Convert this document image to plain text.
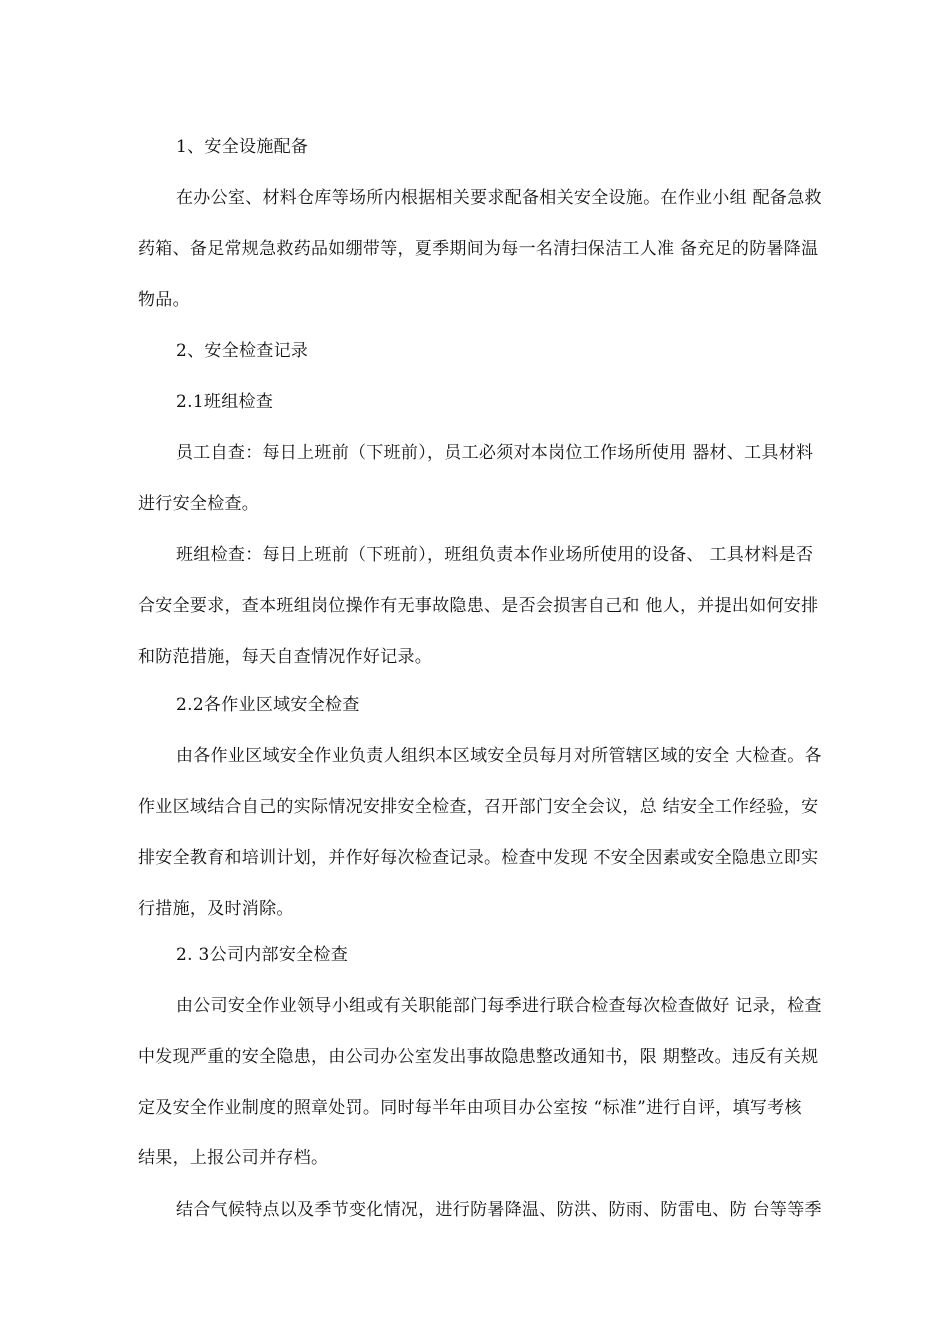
1、安全设施配备
在办公室、材料仓库等场所内根据相关要求配备相关安全设施。在作业小组 配备急救
药箱、备足常规急救药品如绷带等，夏季期间为每一名清扫保洁工人准 备充足的防暑降温
物品。
2、安全检查记录
2.1班组检查
员工自查：每日上班前（下班前），员工必须对本岗位工作场所使用 器材、工具材料
进行安全检查。
班组检查：每日上班前（下班前），班组负责本作业场所使用的设备、 工具材料是否
合安全要求，查本班组岗位操作有无事故隐患、是否会损害自己和 他人，并提出如何安排
和防范措施，每天自查情况作好记录。
2.2各作业区域安全检查
由各作业区域安全作业负责人组织本区域安全员每月对所管辖区域的安全 大检查。各
作业区域结合自己的实际情况安排安全检查，召开部门安全会议，总 结安全工作经验，安
排安全教育和培训计划，并作好每次检查记录。检查中发现 不安全因素或安全隐患立即实
行措施，及时消除。
2. 3公司内部安全检查
由公司安全作业领导小组或有关职能部门每季进行联合检查每次检查做好 记录，检查
中发现严重的安全隐患，由公司办公室发出事故隐患整改通知书，限 期整改。违反有关规
定及安全作业制度的照章处罚。同时每半年由项目办公室按 “标准”进行自评，填写考核
结果，上报公司并存档。
结合气候特点以及季节变化情况，进行防暑降温、防洪、防雨、防雷电、防 台等等季
